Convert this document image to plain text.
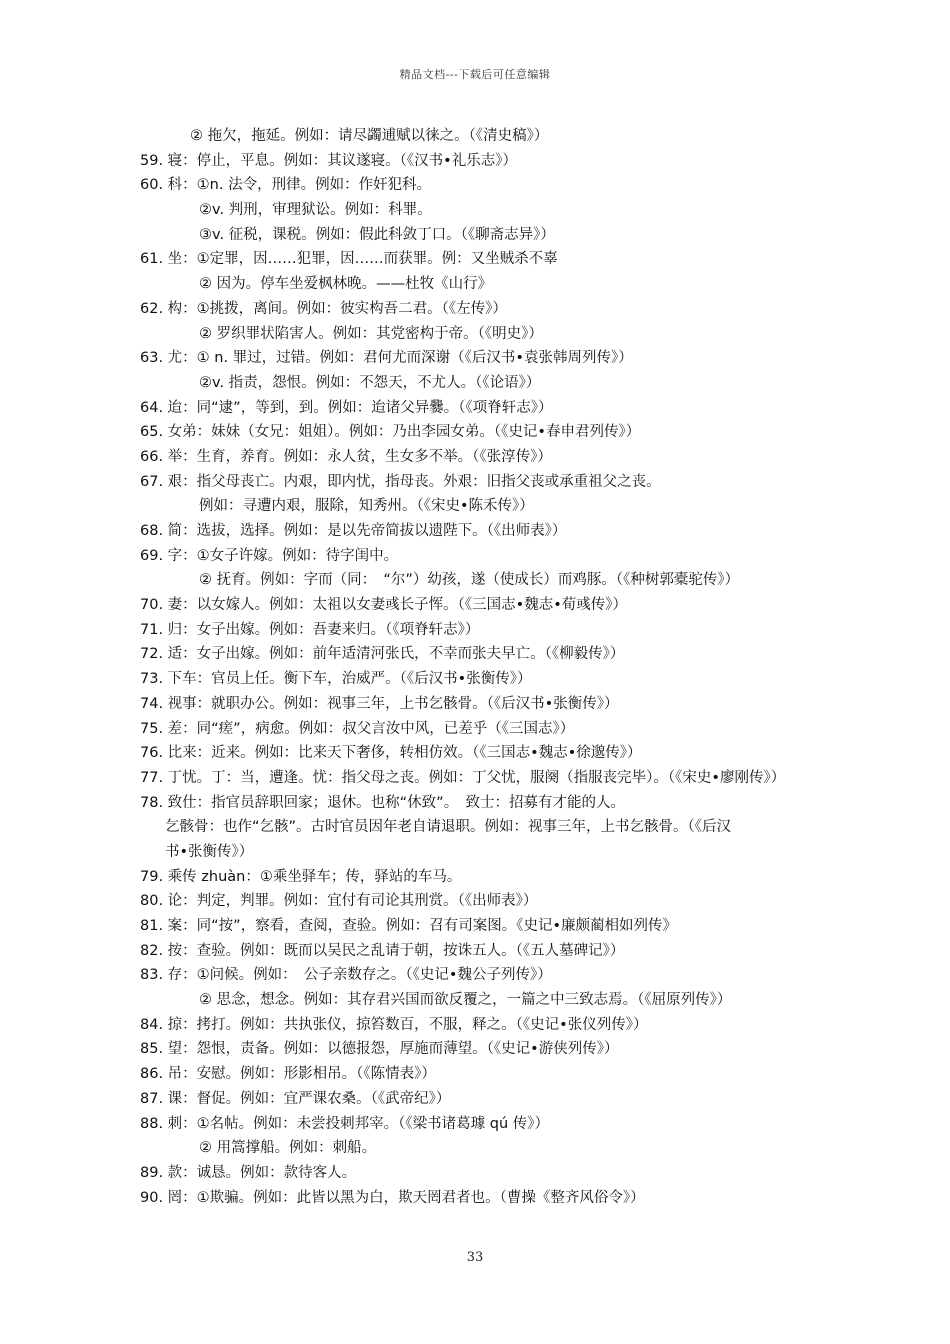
精品文档---下载后可任意编辑
② 拖欠，拖延。例如：请尽蠲逋赋以徕之。（《清史稿》）
59. 寝：停止，平息。例如：其议遂寝。（《汉书•礼乐志》）
60. 科：①n. 法令，刑律。例如：作奸犯科。
②v. 判刑，审理狱讼。例如：科罪。
③v. 征税，课税。例如：假此科敛丁口。（《聊斋志异》）
61. 坐：①定罪，因……犯罪，因……而获罪。例：又坐贼杀不辜
② 因为。停车坐爱枫林晚。——杜牧《山行》
62. 构：①挑拨，离间。例如：彼实构吾二君。（《左传》）
② 罗织罪状陷害人。例如：其党密构于帝。（《明史》）
63. 尤：① n. 罪过，过错。例如：君何尤而深谢（《后汉书•袁张韩周列传》）
②v. 指责，怨恨。例如：不怨天，不尤人。（《论语》）
64. 迨：同“逮”，等到，到。例如：迨诸父异爨。（《项脊轩志》）
65. 女弟：妹妹（女兄：姐姐）。例如：乃出李园女弟。（《史记•春申君列传》）
66. 举：生育，养育。例如：永人贫，生女多不举。（《张淳传》）
67. 艰：指父母丧亡。内艰，即内忧，指母丧。外艰：旧指父丧或承重祖父之丧。
例如：寻遭内艰，服除，知秀州。（《宋史•陈禾传》）
68. 简：选拔，选择。例如：是以先帝简拔以遗陛下。（《出师表》）
69. 字：①女子许嫁。例如：待字闺中。
② 抚育。例如：字而（同：　“尔”）幼孩，遂（使成长）而鸡豚。（《种树郭橐驼传》）
70. 妻：以女嫁人。例如：太祖以女妻彧长子恽。（《三国志•魏志•荀彧传》）
71. 归：女子出嫁。例如：吾妻来归。（《项脊轩志》）
72. 适：女子出嫁。例如：前年适清河张氏，不幸而张夫早亡。（《柳毅传》）
73. 下车：官员上任。衡下车，治威严。（《后汉书•张衡传》）
74. 视事：就职办公。例如：视事三年，上书乞骸骨。（《后汉书•张衡传》）
75. 差：同“瘥”，病愈。例如：叔父言汝中风，已差乎（《三国志》）
76. 比来：近来。例如：比来天下奢侈，转相仿效。（《三国志•魏志•徐邈传》）
77. 丁忧。丁：当，遭逢。忧：指父母之丧。例如：丁父忧，服阕（指服丧完毕）。（《宋史•廖刚传》）
78. 致仕：指官员辞职回家；退休。也称“休致”。　致士：招募有才能的人。
乞骸骨：也作“乞骸”。古时官员因年老自请退职。例如：视事三年，上书乞骸骨。（《后汉
书•张衡传》）
79. 乘传 zhuàn：①乘坐驿车；传，驿站的车马。
80. 论：判定，判罪。例如：宜付有司论其刑赏。（《出师表》）
81. 案：同“按”，察看，查阅，查验。例如：召有司案图。《史记•廉颇蔺相如列传》
82. 按：查验。例如：既而以吴民之乱请于朝，按诛五人。（《五人墓碑记》）
83. 存：①问候。例如：　公子亲数存之。（《史记•魏公子列传》）
② 思念，想念。例如：其存君兴国而欲反覆之，一篇之中三致志焉。（《屈原列传》）
84. 掠：拷打。例如：共执张仪，掠笞数百，不服，释之。（《史记•张仪列传》）
85. 望：怨恨，责备。例如：以德报怨，厚施而薄望。（《史记•游侠列传》）
86. 吊：安慰。例如：形影相吊。（《陈情表》）
87. 课：督促。例如：宜严课农桑。（《武帝纪》）
88. 刺：①名帖。例如：未尝投刺邦宰。（《梁书诸葛璩 qú 传》）
② 用篙撑船。例如：刺船。
89. 款：诚恳。例如：款待客人。
90. 罔：①欺骗。例如：此皆以黑为白，欺天罔君者也。（曹操《整齐风俗令》）
33
